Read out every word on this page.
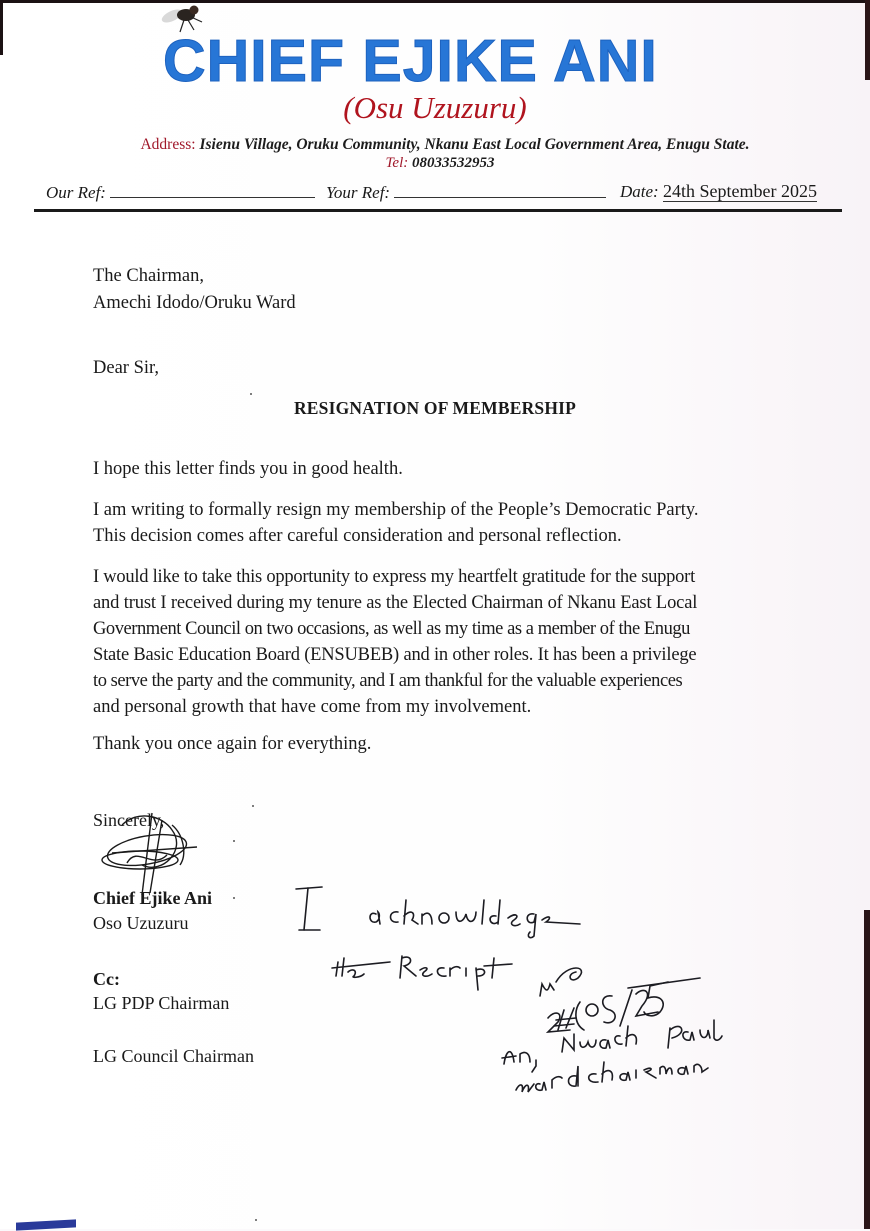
CHIEF EJIKE ANI
(Osu Uzuzuru)
Address: Isienu Village, Oruku Community, Nkanu East Local Government Area, Enugu State.
Tel: 08033532953
Our Ref:	Your Ref:	Date: 24th September 2025
The Chairman,
Amechi Idodo/Oruku Ward
Dear Sir,
RESIGNATION OF MEMBERSHIP
I hope this letter finds you in good health.
I am writing to formally resign my membership of the People’s Democratic Party.
This decision comes after careful consideration and personal reflection.
I would like to take this opportunity to express my heartfelt gratitude for the support
and trust I received during my tenure as the Elected Chairman of Nkanu East Local
Government Council on two occasions, as well as my time as a member of the Enugu
State Basic Education Board (ENSUBEB) and in other roles. It has been a privilege
to serve the party and the community, and I am thankful for the valuable experiences
and personal growth that have come from my involvement.
Thank you once again for everything.
Sincerely,
Chief Ejike Ani
Oso Uzuzuru
Cc:
LG PDP Chairman
LG Council Chairman
